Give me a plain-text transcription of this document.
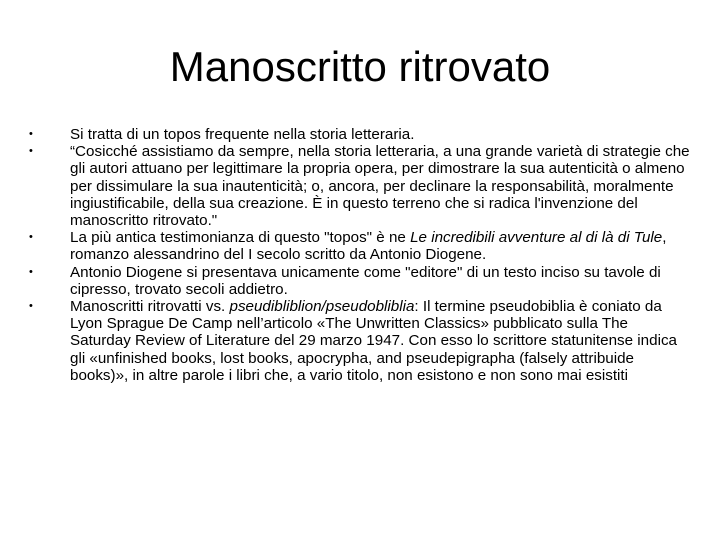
Manoscritto ritrovato
• Si tratta di un topos frequente nella storia letteraria.
• “Cosicché assistiamo da sempre, nella storia letteraria, a una grande varietà di strategie che gli autori attuano per legittimare la propria opera, per dimostrare la sua autenticità o almeno per dissimulare la sua inautenticità; o, ancora, per declinare la responsabilità, moralmente ingiustificabile, della sua creazione. È in questo terreno che si radica l'invenzione del manoscritto ritrovato."
• La più antica testimonianza di questo "topos" è ne Le incredibili avventure al di là di Tule, romanzo alessandrino del I secolo scritto da Antonio Diogene.
• Antonio Diogene si presentava unicamente come "editore" di un testo inciso su tavole di cipresso, trovato secoli addietro.
• Manoscritti ritrovatti vs. pseudibliblion/pseudobliblia: Il termine pseudobiblia è coniato da Lyon Sprague De Camp nell’articolo «The Unwritten Classics» pubblicato sulla The Saturday Review of Literature del 29 marzo 1947. Con esso lo scrittore statunitense indica gli «unfinished books, lost books, apocrypha, and pseudepigrapha (falsely attribuide books)», in altre parole i libri che, a vario titolo, non esistono e non sono mai esistiti
